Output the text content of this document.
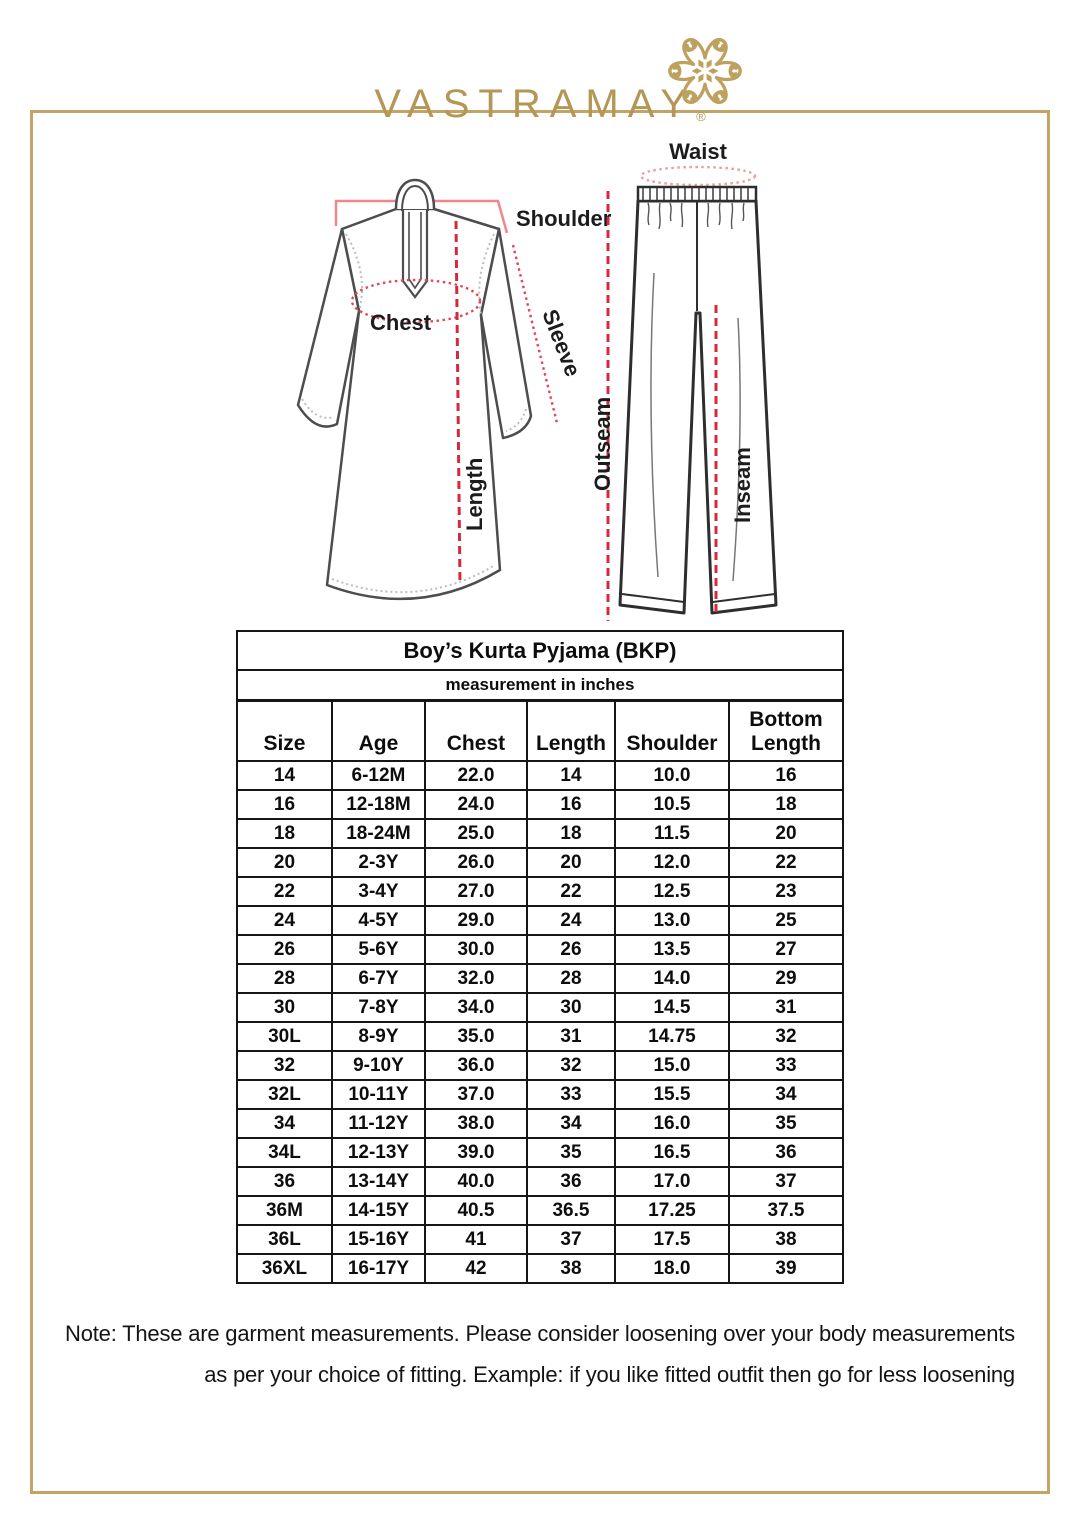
$VASTRAMAY_®$
Shoulder
Chest	Sleeve
Length
Waist
Outseam	Inseam
Boy’s Kurta Pyjama (BKP)					
measurement in inches					
Size	Age	Chest	Length	Shoulder	Bottom Length
14	6-12M	22.0	14	10.0	16
16	12-18M	24.0	16	10.5	18
18	18-24M	25.0	18	11.5	20
20	2-3Y	26.0	20	12.0	22
22	3-4Y	27.0	22	12.5	23
24	4-5Y	29.0	24	13.0	25
26	5-6Y	30.0	26	13.5	27
28	6-7Y	32.0	28	14.0	29
30	7-8Y	34.0	30	14.5	31
30L	8-9Y	35.0	31	14.75	32
32	9-10Y	36.0	32	15.0	33
32L	10-11Y	37.0	33	15.5	34
34	11-12Y	38.0	34	16.0	35
34L	12-13Y	39.0	35	16.5	36
36	13-14Y	40.0	36	17.0	37
36M	14-15Y	40.5	36.5	17.25	37.5
36L	15-16Y	41	37	17.5	38
36XL	16-17Y	42	38	18.0	39
Note: These are garment measurements. Please consider loosening over your body measurements
as per your choice of fitting. Example: if you like fitted outfit then go for less loosening
